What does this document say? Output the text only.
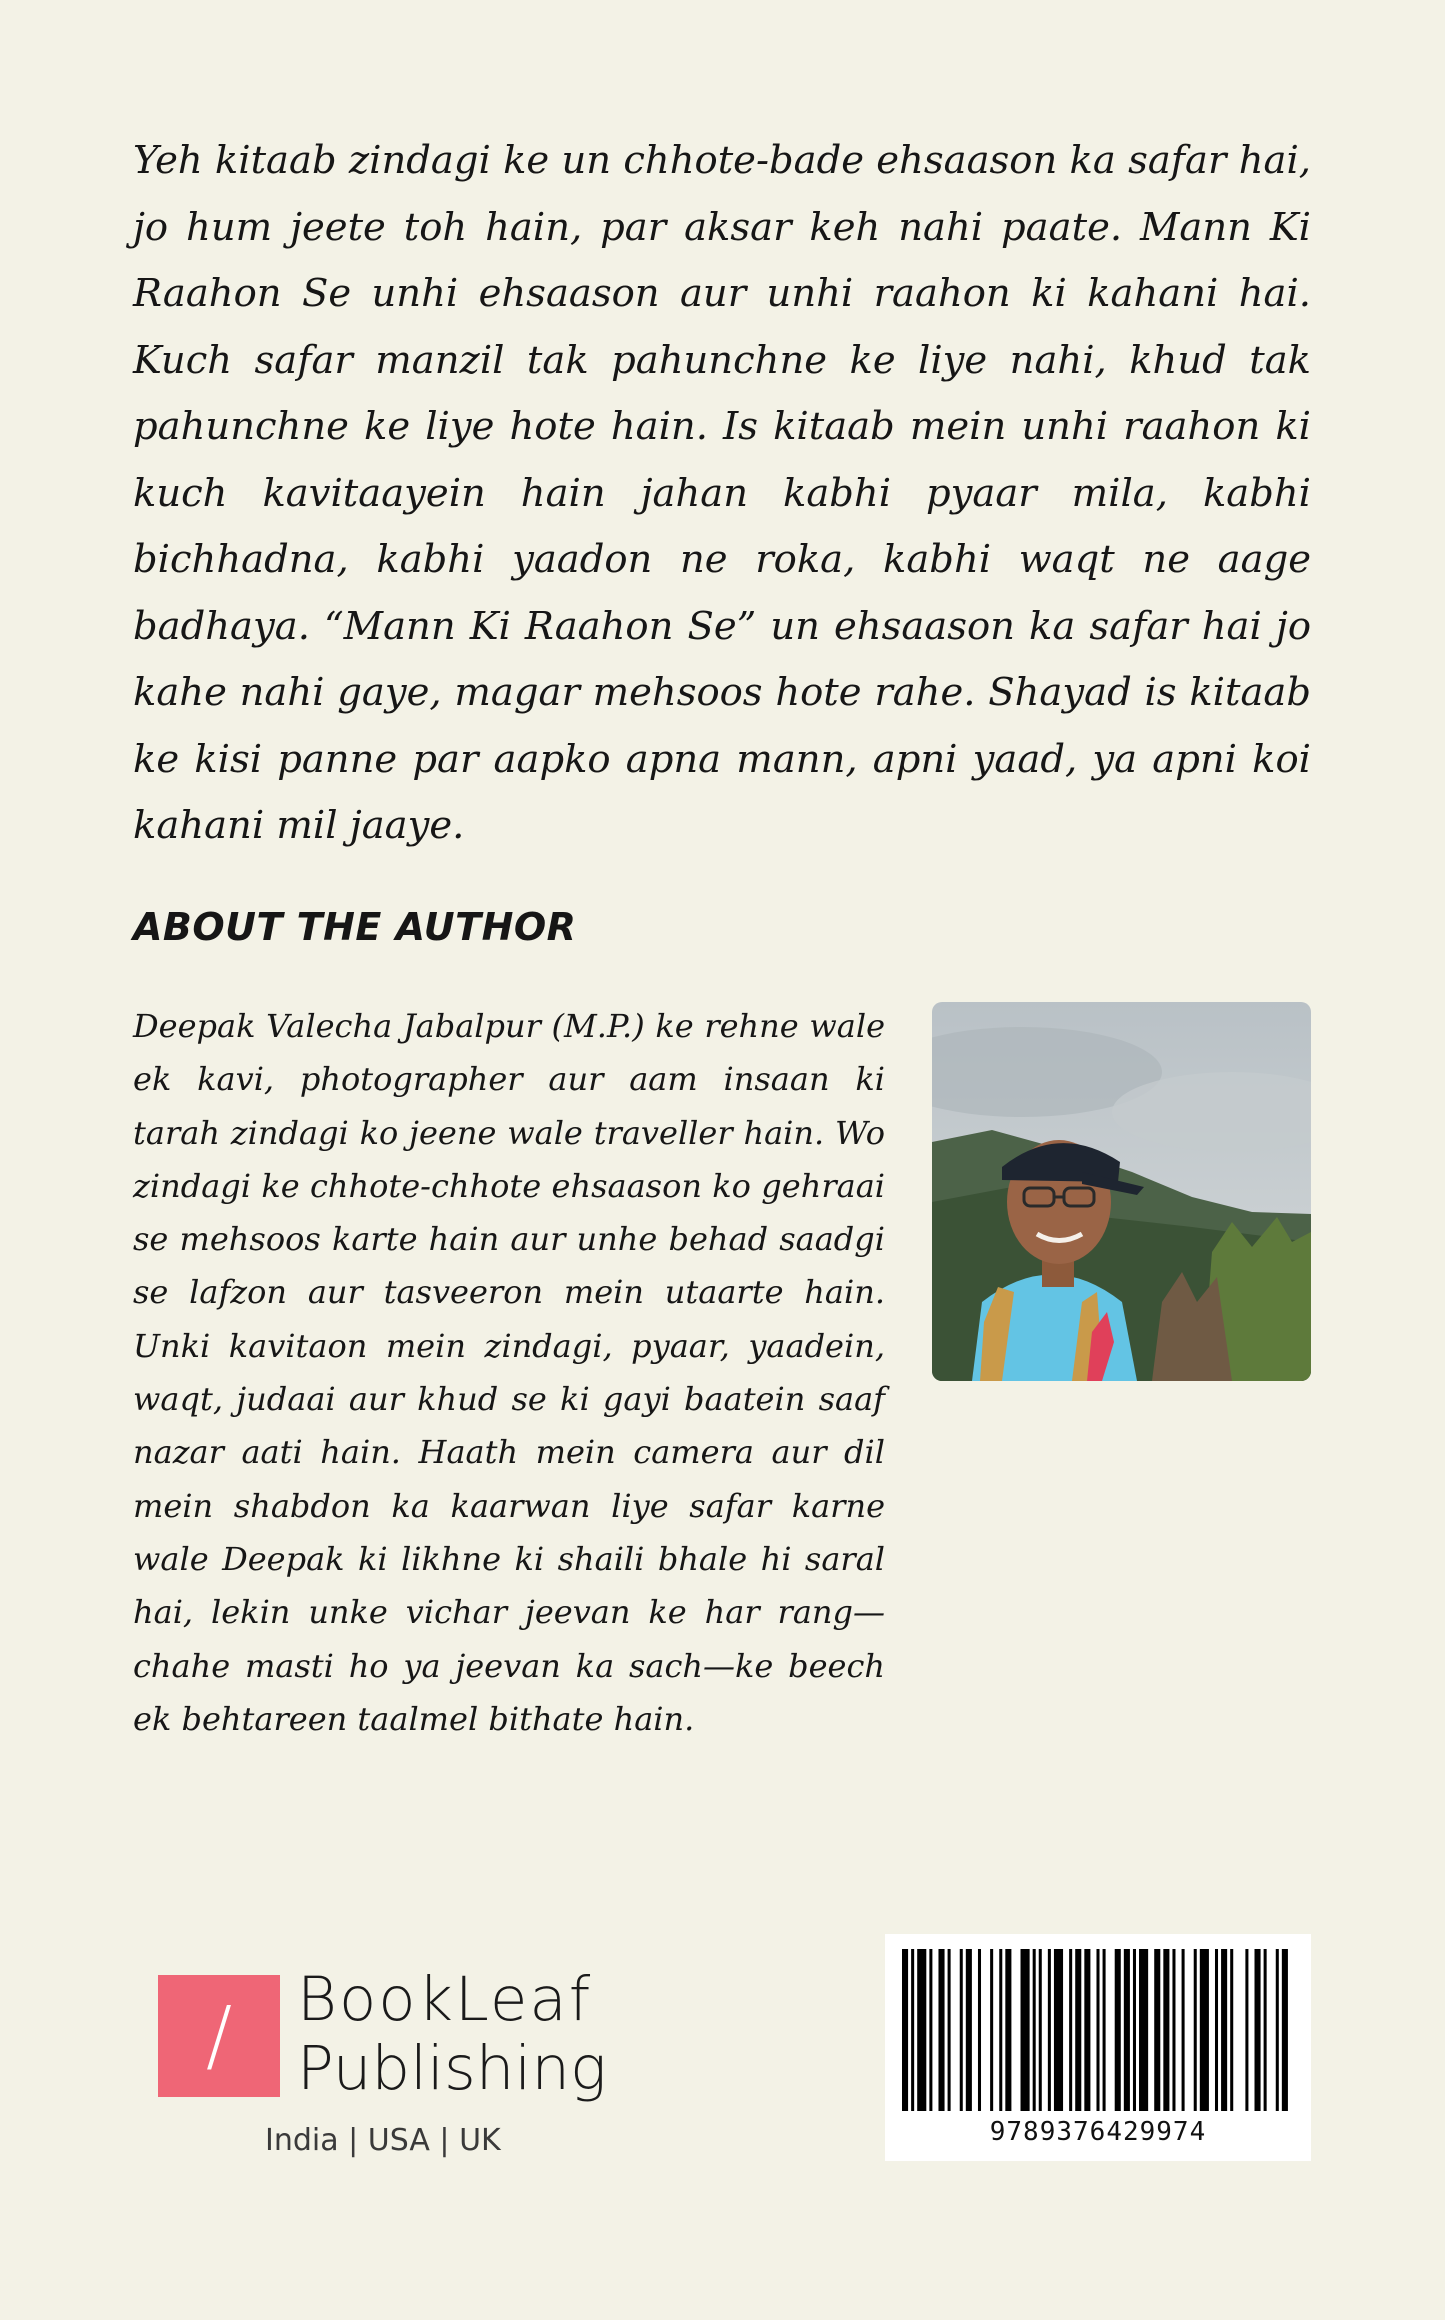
Yeh kitaab zindagi ke un chhote-bade ehsaason ka safar hai, jo hum jeete toh hain, par aksar keh nahi paate. Mann Ki Raahon Se unhi ehsaason aur unhi raahon ki kahani hai. Kuch safar manzil tak pahunchne ke liye nahi, khud tak pahunchne ke liye hote hain. Is kitaab mein unhi raahon ki kuch kavitaayein hain jahan kabhi pyaar mila, kabhi bichhadna, kabhi yaadon ne roka, kabhi waqt ne aage badhaya. “Mann Ki Raahon Se” un ehsaason ka safar hai jo kahe nahi gaye, magar mehsoos hote rahe. Shayad is kitaab ke kisi panne par aapko apna mann, apni yaad, ya apni koi kahani mil jaaye.

ABOUT THE AUTHOR

Deepak Valecha Jabalpur (M.P.) ke rehne wale ek kavi, photographer aur aam insaan ki tarah zindagi ko jeene wale traveller hain. Wo zindagi ke chhote-chhote ehsaason ko gehraai se mehsoos karte hain aur unhe behad saadgi se lafzon aur tasveeron mein utaarte hain. Unki kavitaon mein zindagi, pyaar, yaadein, waqt, judaai aur khud se ki gayi baatein saaf nazar aati hain. Haath mein camera aur dil mein shabdon ka kaarwan liye safar karne wale Deepak ki likhne ki shaili bhale hi saral hai, lekin unke vichar jeevan ke har rang—chahe masti ho ya jeevan ka sach—ke beech ek behtareen taalmel bithate hain.

/	BookLeaf

Publishing

India | USA | UK	9789376429974
